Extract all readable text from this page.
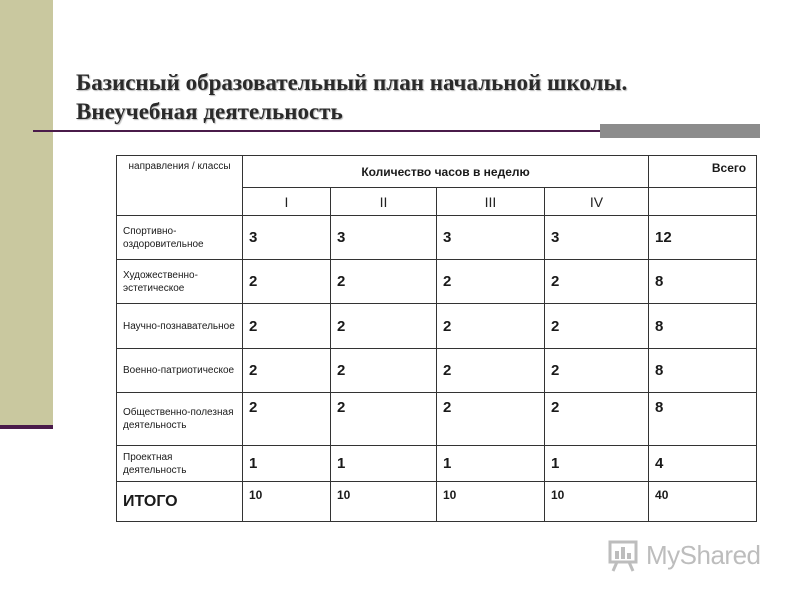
Базисный образовательный план начальной школы.
Внеучебная деятельность
направления / классы	Количество часов в неделю				Всего
	I	II	III	IV	
Спортивно-оздоровительное	3	3	3	3	12
Художественно-эстетическое	2	2	2	2	8
Научно-познавательное	2	2	2	2	8
Военно-патриотическое	2	2	2	2	8
Общественно-полезная деятельность	2	2	2	2	8
Проектная деятельность	1	1	1	1	4
ИТОГО	10	10	10	10	40
MyShared
